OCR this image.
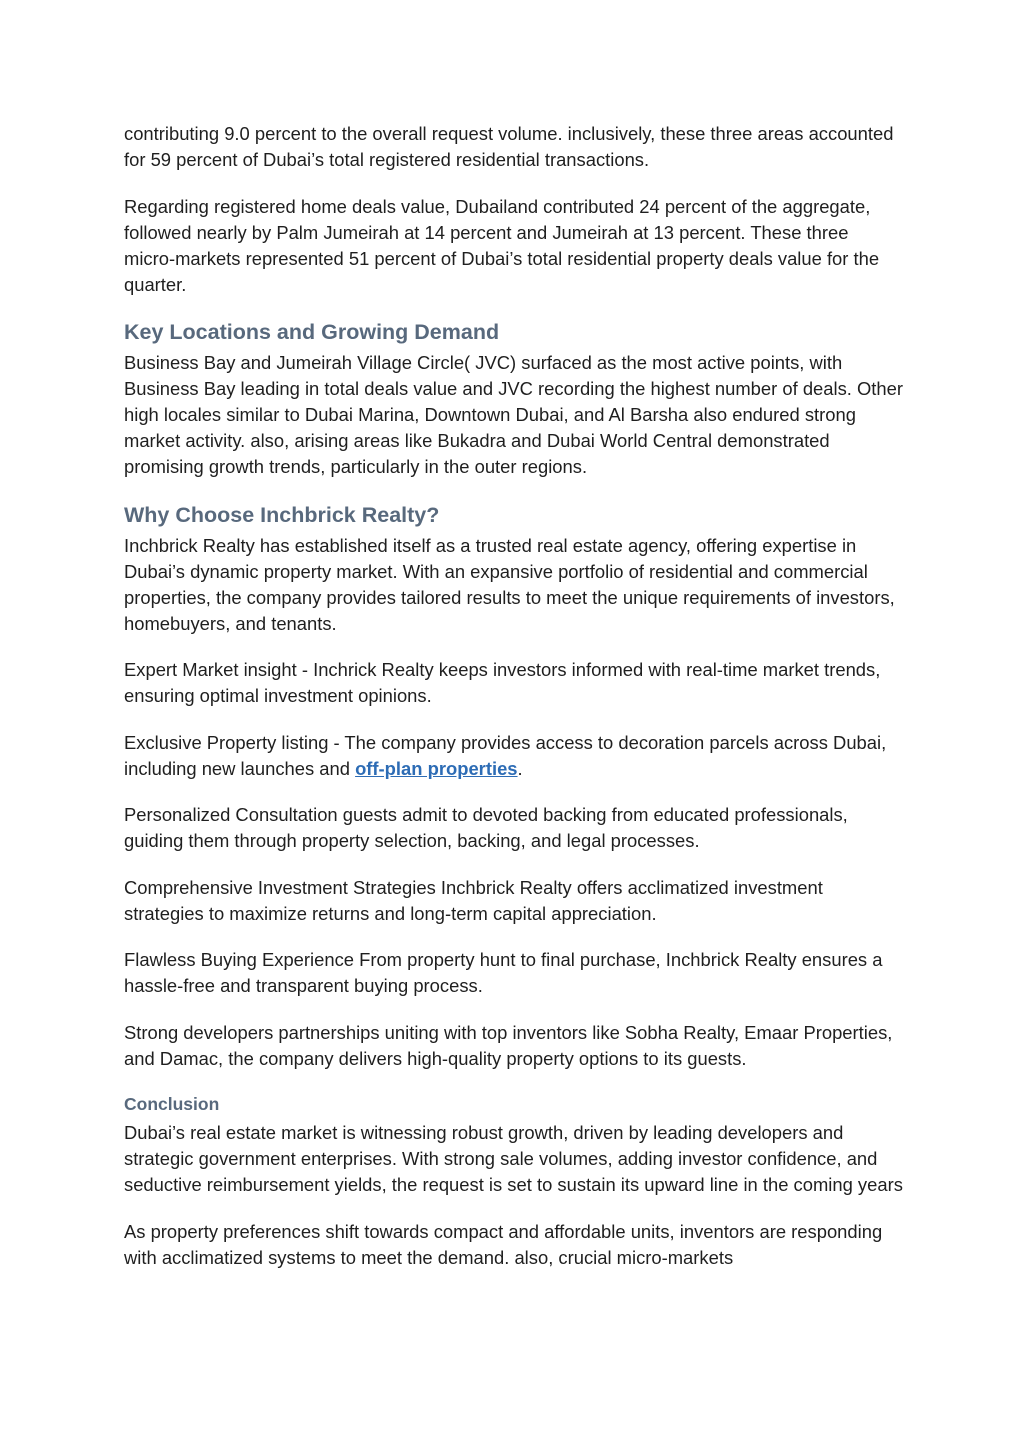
contributing 9.0 percent to the overall request volume. inclusively, these three areas accounted for 59 percent of Dubai’s total registered residential transactions.

Regarding registered home deals value, Dubailand contributed 24 percent of the aggregate, followed nearly by Palm Jumeirah at 14 percent and Jumeirah at 13 percent. These three micro-markets represented 51 percent of Dubai’s total residential property deals value for the quarter.

Key Locations and Growing Demand

Business Bay and Jumeirah Village Circle( JVC) surfaced as the most active points, with Business Bay leading in total deals value and JVC recording the highest number of deals. Other high locales similar to Dubai Marina, Downtown Dubai, and Al Barsha also endured strong market activity. also, arising areas like Bukadra and Dubai World Central demonstrated promising growth trends, particularly in the outer regions.

Why Choose Inchbrick Realty?

Inchbrick Realty has established itself as a trusted real estate agency, offering expertise in Dubai’s dynamic property market. With an expansive portfolio of residential and commercial properties, the company provides tailored results to meet the unique requirements of investors, homebuyers, and tenants.

Expert Market insight - Inchrick Realty keeps investors informed with real-time market trends, ensuring optimal investment opinions.

Exclusive Property listing - The company provides access to decoration parcels across Dubai, including new launches and off-plan properties.

Personalized Consultation guests admit to devoted backing from educated professionals, guiding them through property selection, backing, and legal processes.

Comprehensive Investment Strategies Inchbrick Realty offers acclimatized investment strategies to maximize returns and long-term capital appreciation.

Flawless Buying Experience From property hunt to final purchase, Inchbrick Realty ensures a hassle-free and transparent buying process.

Strong developers partnerships uniting with top inventors like Sobha Realty, Emaar Properties, and Damac, the company delivers high-quality property options to its guests.

Conclusion

Dubai’s real estate market is witnessing robust growth, driven by leading developers and strategic government enterprises. With strong sale volumes, adding investor confidence, and seductive reimbursement yields, the request is set to sustain its upward line in the coming years

As property preferences shift towards compact and affordable units, inventors are responding with acclimatized systems to meet the demand. also, crucial micro-markets
